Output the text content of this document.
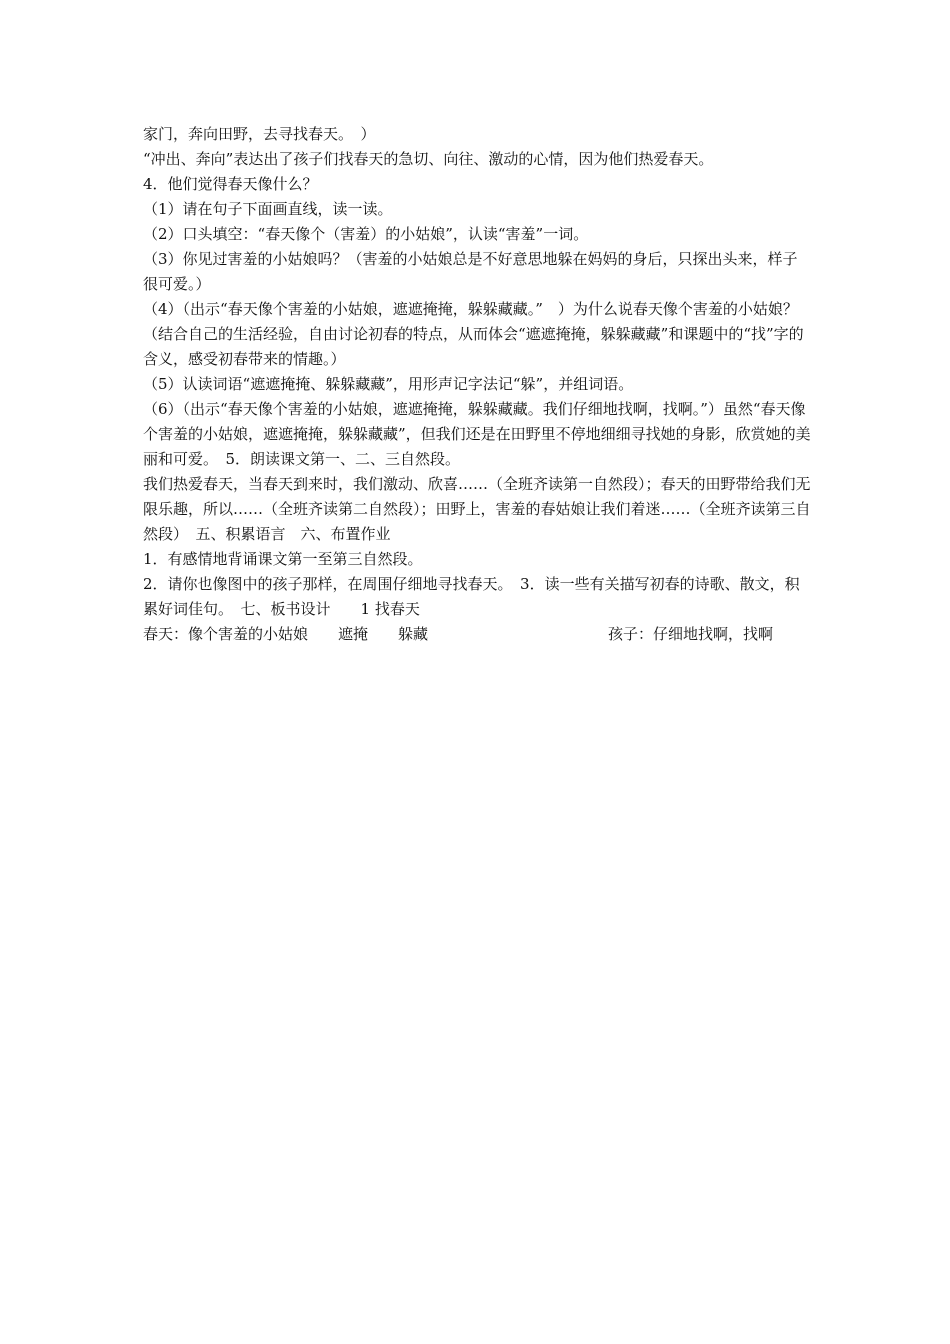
家门，奔向田野，去寻找春天。　）

“冲出、奔向”表达出了孩子们找春天的急切、向往、激动的心情，因为他们热爱春天。

4．他们觉得春天像什么？

（1）请在句子下面画直线，读一读。

（2）口头填空：“春天像个（害羞）的小姑娘”，认读“害羞”一词。

（3）你见过害羞的小姑娘吗？（害羞的小姑娘总是不好意思地躲在妈妈的身后，只探出头来，样子很可爱。）

（4）（出示“春天像个害羞的小姑娘，遮遮掩掩，躲躲藏藏。”　）为什么说春天像个害羞的小姑娘？（结合自己的生活经验，自由讨论初春的特点，从而体会“遮遮掩掩，躲躲藏藏”和课题中的“找”字的含义，感受初春带来的情趣。）

（5）认读词语“遮遮掩掩、躲躲藏藏”，用形声记字法记“躲”，并组词语。

（6）（出示“春天像个害羞的小姑娘，遮遮掩掩，躲躲藏藏。我们仔细地找啊，找啊。”）虽然“春天像个害羞的小姑娘，遮遮掩掩，躲躲藏藏”，但我们还是在田野里不停地细细寻找她的身影，欣赏她的美丽和可爱。　5．朗读课文第一、二、三自然段。

我们热爱春天，当春天到来时，我们激动、欣喜……（全班齐读第一自然段）；春天的田野带给我们无限乐趣，所以……（全班齐读第二自然段）；田野上，害羞的春姑娘让我们着迷……（全班齐读第三自然段）　五、积累语言　六、布置作业

1．有感情地背诵课文第一至第三自然段。

2．请你也像图中的孩子那样，在周围仔细地寻找春天。　3．读一些有关描写初春的诗歌、散文，积累好词佳句。　七、板书设计　　1 找春天

春天：像个害羞的小姑娘　　遮掩　　躲藏　　　　　　　　　　　　孩子：仔细地找啊，找啊
